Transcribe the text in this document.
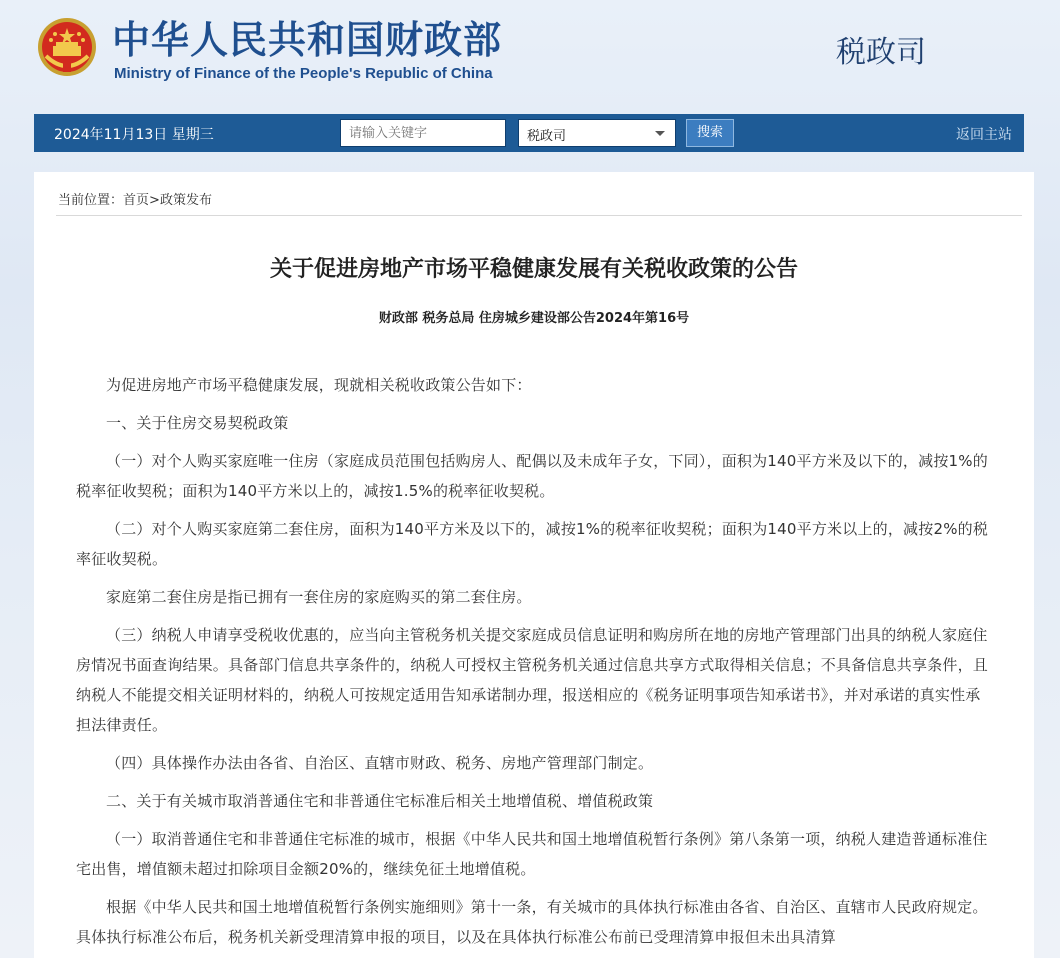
中华人民共和国财政部
Ministry of Finance of the People's Republic of China
税政司
2024年11月13日 星期三
请输入关键字	税政司	搜索	返回主站
当前位置：首页>政策发布
关于促进房地产市场平稳健康发展有关税收政策的公告
财政部 税务总局 住房城乡建设部公告2024年第16号

为促进房地产市场平稳健康发展，现就相关税收政策公告如下：

一、关于住房交易契税政策

（一）对个人购买家庭唯一住房（家庭成员范围包括购房人、配偶以及未成年子女，下同），面积为140平方米及以下的，减按1%的税率征收契税；面积为140平方米以上的，减按1.5%的税率征收契税。

（二）对个人购买家庭第二套住房，面积为140平方米及以下的，减按1%的税率征收契税；面积为140平方米以上的，减按2%的税率征收契税。

家庭第二套住房是指已拥有一套住房的家庭购买的第二套住房。

（三）纳税人申请享受税收优惠的，应当向主管税务机关提交家庭成员信息证明和购房所在地的房地产管理部门出具的纳税人家庭住房情况书面查询结果。具备部门信息共享条件的，纳税人可授权主管税务机关通过信息共享方式取得相关信息；不具备信息共享条件，且纳税人不能提交相关证明材料的，纳税人可按规定适用告知承诺制办理，报送相应的《税务证明事项告知承诺书》，并对承诺的真实性承担法律责任。

（四）具体操作办法由各省、自治区、直辖市财政、税务、房地产管理部门制定。

二、关于有关城市取消普通住宅和非普通住宅标准后相关土地增值税、增值税政策

（一）取消普通住宅和非普通住宅标准的城市，根据《中华人民共和国土地增值税暂行条例》第八条第一项，纳税人建造普通标准住宅出售，增值额未超过扣除项目金额20%的，继续免征土地增值税。

根据《中华人民共和国土地增值税暂行条例实施细则》第十一条，有关城市的具体执行标准由各省、自治区、直辖市人民政府规定。具体执行标准公布后，税务机关新受理清算申报的项目，以及在具体执行标准公布前已受理清算申报但未出具清算
